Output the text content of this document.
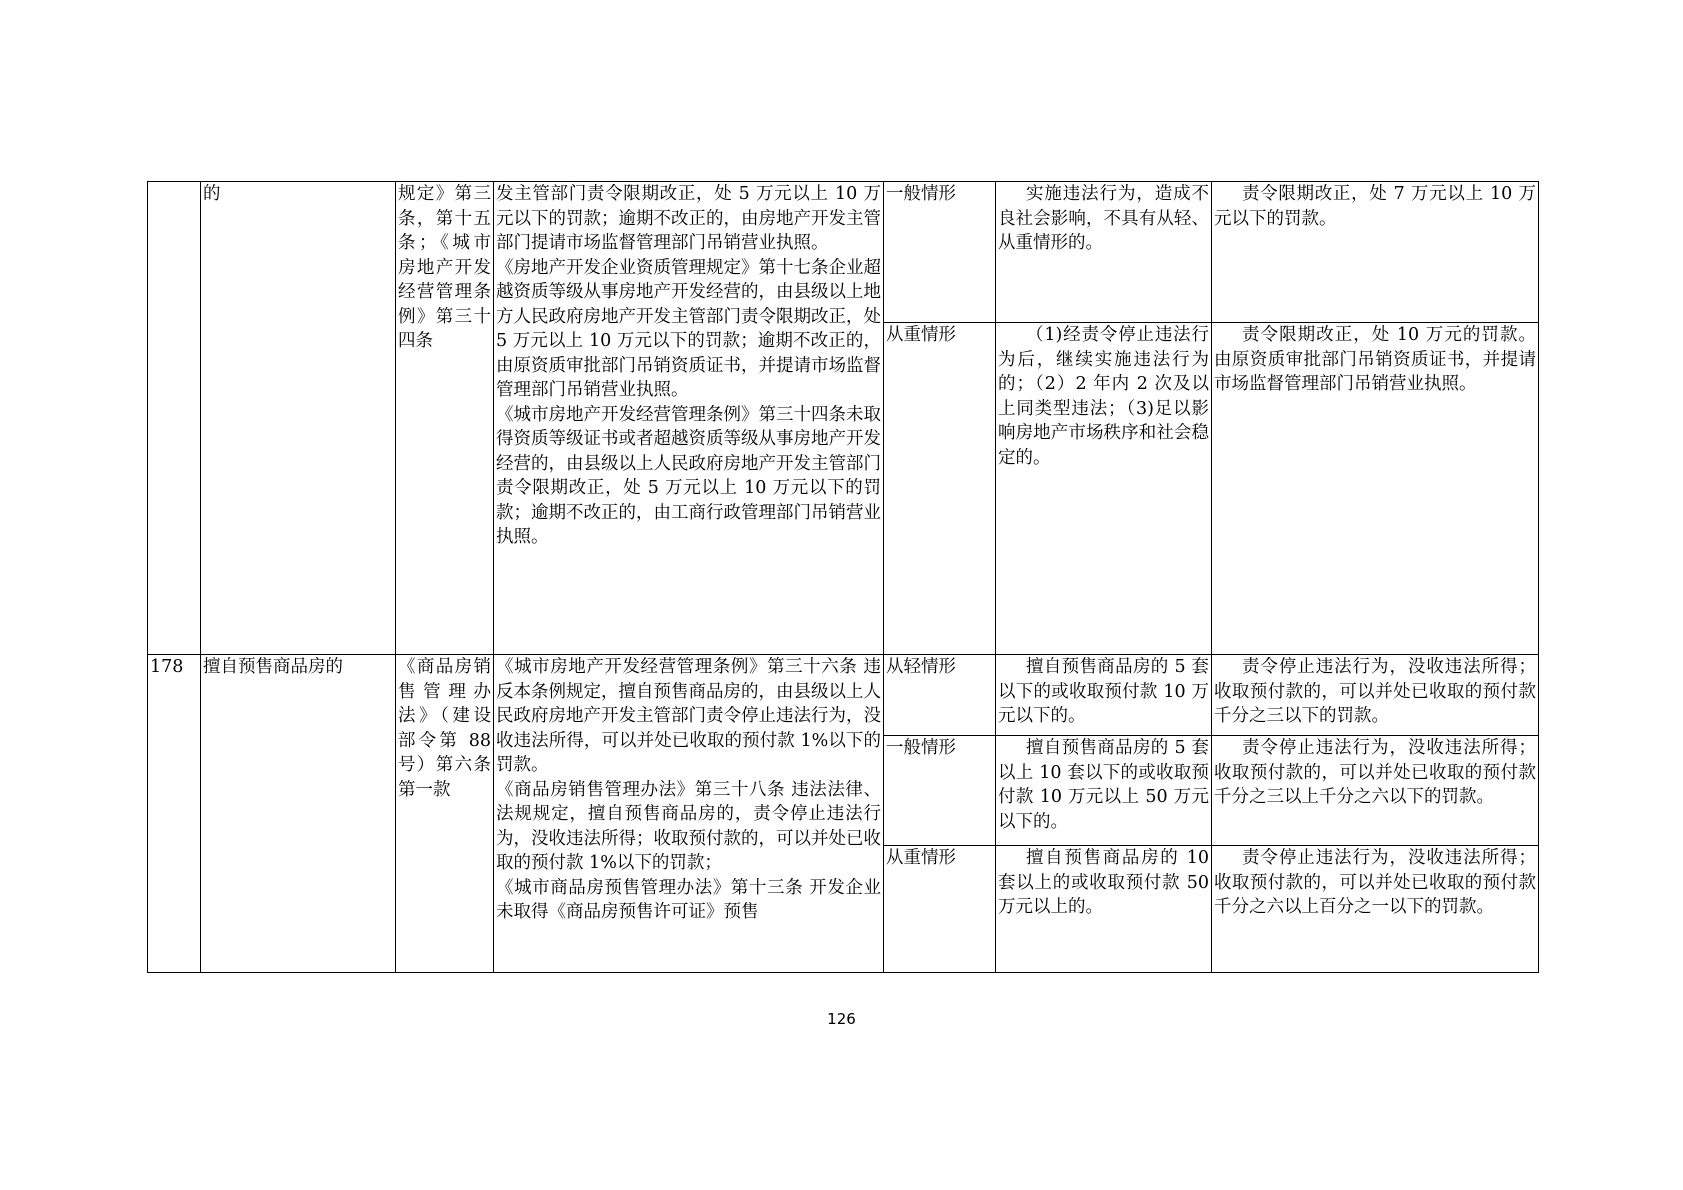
	的	规定》第三条，第十五条；《城市房地产开发经营管理条例》第三十四条	发主管部门责令限期改正，处 5 万元以上 10 万元以下的罚款；逾期不改正的，由房地产开发主管部门提请市场监督管理部门吊销营业执照。
《房地产开发企业资质管理规定》第十七条企业超越资质等级从事房地产开发经营的，由县级以上地方人民政府房地产开发主管部门责令限期改正，处 5 万元以上 10 万元以下的罚款；逾期不改正的，由原资质审批部门吊销资质证书，并提请市场监督管理部门吊销营业执照。
《城市房地产开发经营管理条例》第三十四条未取得资质等级证书或者超越资质等级从事房地产开发经营的，由县级以上人民政府房地产开发主管部门责令限期改正，处 5 万元以上 10 万元以下的罚款；逾期不改正的，由工商行政管理部门吊销营业执照。	一般情形	实施违法行为，造成不良社会影响，不具有从轻、从重情形的。	责令限期改正，处 7 万元以上 10 万元以下的罚款。
				从重情形	（1)经责令停止违法行为后，继续实施违法行为的；（2）2 年内 2 次及以上同类型违法；（3)足以影响房地产市场秩序和社会稳定的。	责令限期改正，处 10 万元的罚款。由原资质审批部门吊销资质证书，并提请市场监督管理部门吊销营业执照。
178	擅自预售商品房的	《商品房销售管理办法》（建设部令第 88 号）第六条第一款	《城市房地产开发经营管理条例》第三十六条 违反本条例规定，擅自预售商品房的，由县级以上人民政府房地产开发主管部门责令停止违法行为，没收违法所得，可以并处已收取的预付款 1%以下的罚款。
《商品房销售管理办法》第三十八条 违法法律、法规规定，擅自预售商品房的，责令停止违法行为，没收违法所得；收取预付款的，可以并处已收取的预付款 1%以下的罚款；
《城市商品房预售管理办法》第十三条 开发企业未取得《商品房预售许可证》预售	从轻情形	擅自预售商品房的 5 套以下的或收取预付款 10 万元以下的。	责令停止违法行为，没收违法所得；收取预付款的，可以并处已收取的预付款千分之三以下的罚款。
				一般情形	擅自预售商品房的 5 套以上 10 套以下的或收取预付款 10 万元以上 50 万元以下的。	责令停止违法行为，没收违法所得；收取预付款的，可以并处已收取的预付款千分之三以上千分之六以下的罚款。
				从重情形	擅自预售商品房的 10 套以上的或收取预付款 50 万元以上的。	责令停止违法行为，没收违法所得；收取预付款的，可以并处已收取的预付款千分之六以上百分之一以下的罚款。
126
